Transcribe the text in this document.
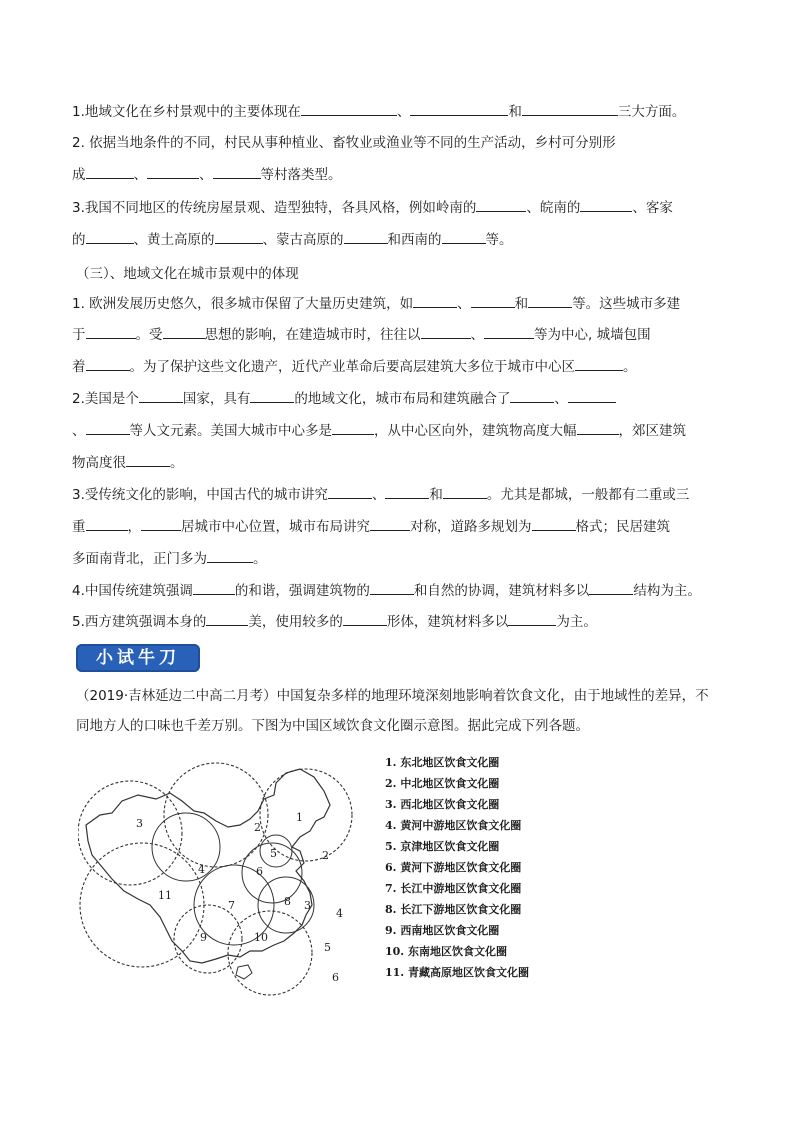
1.地域文化在乡村景观中的主要体现在	、	和	三大方面。
2. 依据当地条件的不同，村民从事种植业、畜牧业或渔业等不同的生产活动，乡村可分别形
成	、	、	等村落类型。
3.我国不同地区的传统房屋景观、造型独特，各具风格，例如岭南的	、皖南的	、客家
的	、黄土高原的	、蒙古高原的	和西南的	等。
（三）、地域文化在城市景观中的体现
1. 欧洲发展历史悠久，很多城市保留了大量历史建筑，如	、	和	等。这些城市多建
于	。受	思想的影响，在建造城市时，往往以	、	等为中心, 城墙包围
着	。为了保护这些文化遗产，近代产业革命后要高层建筑大多位于城市中心区	。
2.美国是个	国家，具有	的地域文化，城市布局和建筑融合了	、
、	等人文元素。美国大城市中心多是	，从中心区向外，建筑物高度大幅	，郊区建筑
物高度很	。
3.受传统文化的影响，中国古代的城市讲究	、	和	。尤其是都城，一般都有二重或三
重	，	居城市中心位置，城市布局讲究	对称，道路多规划为	格式；民居建筑
多面南背北，正门多为	。
4.中国传统建筑强调	的和谐，强调建筑物的	和自然的协调，建筑材料多以	结构为主。
5.西方建筑强调本身的	美，使用较多的	形体，建筑材料多以	为主。
小试牛刀
（2019·吉林延边二中高二月考）中国复杂多样的地理环境深刻地影响着饮食文化，由于地域性的差异，不
同地方人的口味也千差万别。下图为中国区域饮食文化圈示意图。据此完成下列各题。
1
2
3
4
5
6
7	8
9	10
11
2
3
4
5
6
1. 东北地区饮食文化圈
2. 中北地区饮食文化圈
3. 西北地区饮食文化圈
4. 黄河中游地区饮食文化圈
5. 京津地区饮食文化圈
6. 黄河下游地区饮食文化圈
7. 长江中游地区饮食文化圈
8. 长江下游地区饮食文化圈
9. 西南地区饮食文化圈
10. 东南地区饮食文化圈
11. 青藏高原地区饮食文化圈
